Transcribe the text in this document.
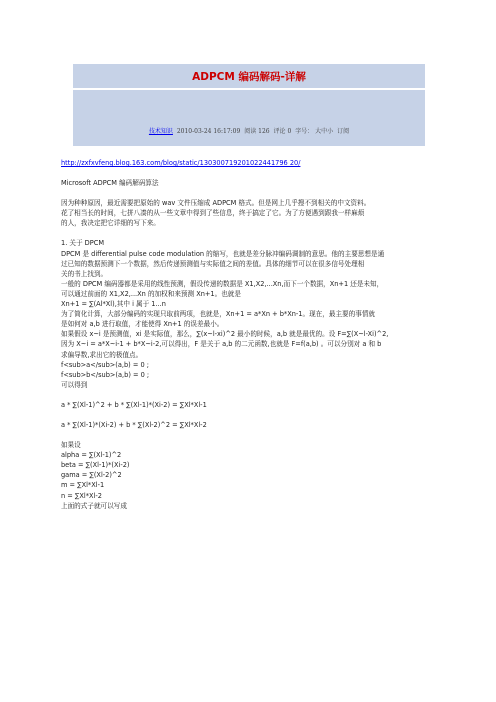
ADPCM 编码解码-详解
技术知识 2010-03-24 16:17:09 阅读 126 评论 0 字号： 大中小 订阅

http://zxfxvfeng.blog.163.com/blog/static/130300719201022441796 20/

Microsoft ADPCM 编码解码算法

因为种种原因，最近需要把原始的 wav 文件压缩成 ADPCM 格式。但是网上几乎搜不到相关的中文资料。

花了相当长的时间，七拼八凑的从一些文章中得到了些信息，终于搞定了它。为了方便遇到跟我一样麻烦

的人，我决定把它详细的写下来。

1. 关于 DPCM

DPCM 是 differential pulse code modulation 的缩写，也就是差分脉冲编码调制的意思。他的主要思想是通

过已知的数据预测下一个数据，然后传递预测值与实际值之间的差值。具体的细节可以在很多信号处理相

关的书上找到。

一般的 DPCM 编码器都是采用的线性预测，假设传递的数据是 X1,X2,...Xn,而下一个数据，Xn+1 还是未知，

可以通过前面的 X1,X2,...Xn 的加权和来预测 Xn+1。也就是

Xn+1 = ∑(Al*Xl),其中 i 属于 1...n

为了简化计算，大部分编码的实现只取前两项，也就是，Xn+1 = a*Xn + b*Xn-1。现在，最主要的事情就

是如何对 a,b 进行取值，才能使得 Xn+1 的误差最小。

如果假设 x~i 是预测值，xi 是实际值，那么，∑(x~l-xi)^2 最小的时候，a,b 就是最优的。设 F=∑(X~l-Xi)^2,

因为 X~i = a*X~i-1 + b*X~i-2,可以得出，F 是关于 a,b 的二元函数,也就是 F=f(a,b) 。可以分别对 a 和 b

求偏导数,求出它的极值点。

f<sub>a</sub>(a,b) = 0 ;

f<sub>b</sub>(a,b) = 0 ;

可以得到

a * ∑(Xl-1)^2 + b * ∑(Xl-1)*(Xi-2) = ∑Xl*Xl-1

a * ∑(Xl-1)*(Xi-2) + b * ∑(Xl-2)^2 = ∑Xl*Xl-2

如果设

alpha = ∑(Xl-1)^2

beta = ∑(Xl-1)*(Xi-2)

gama = ∑(Xl-2)^2

m = ∑Xl*Xl-1

n = ∑Xl*Xl-2

上面的式子就可以写成
